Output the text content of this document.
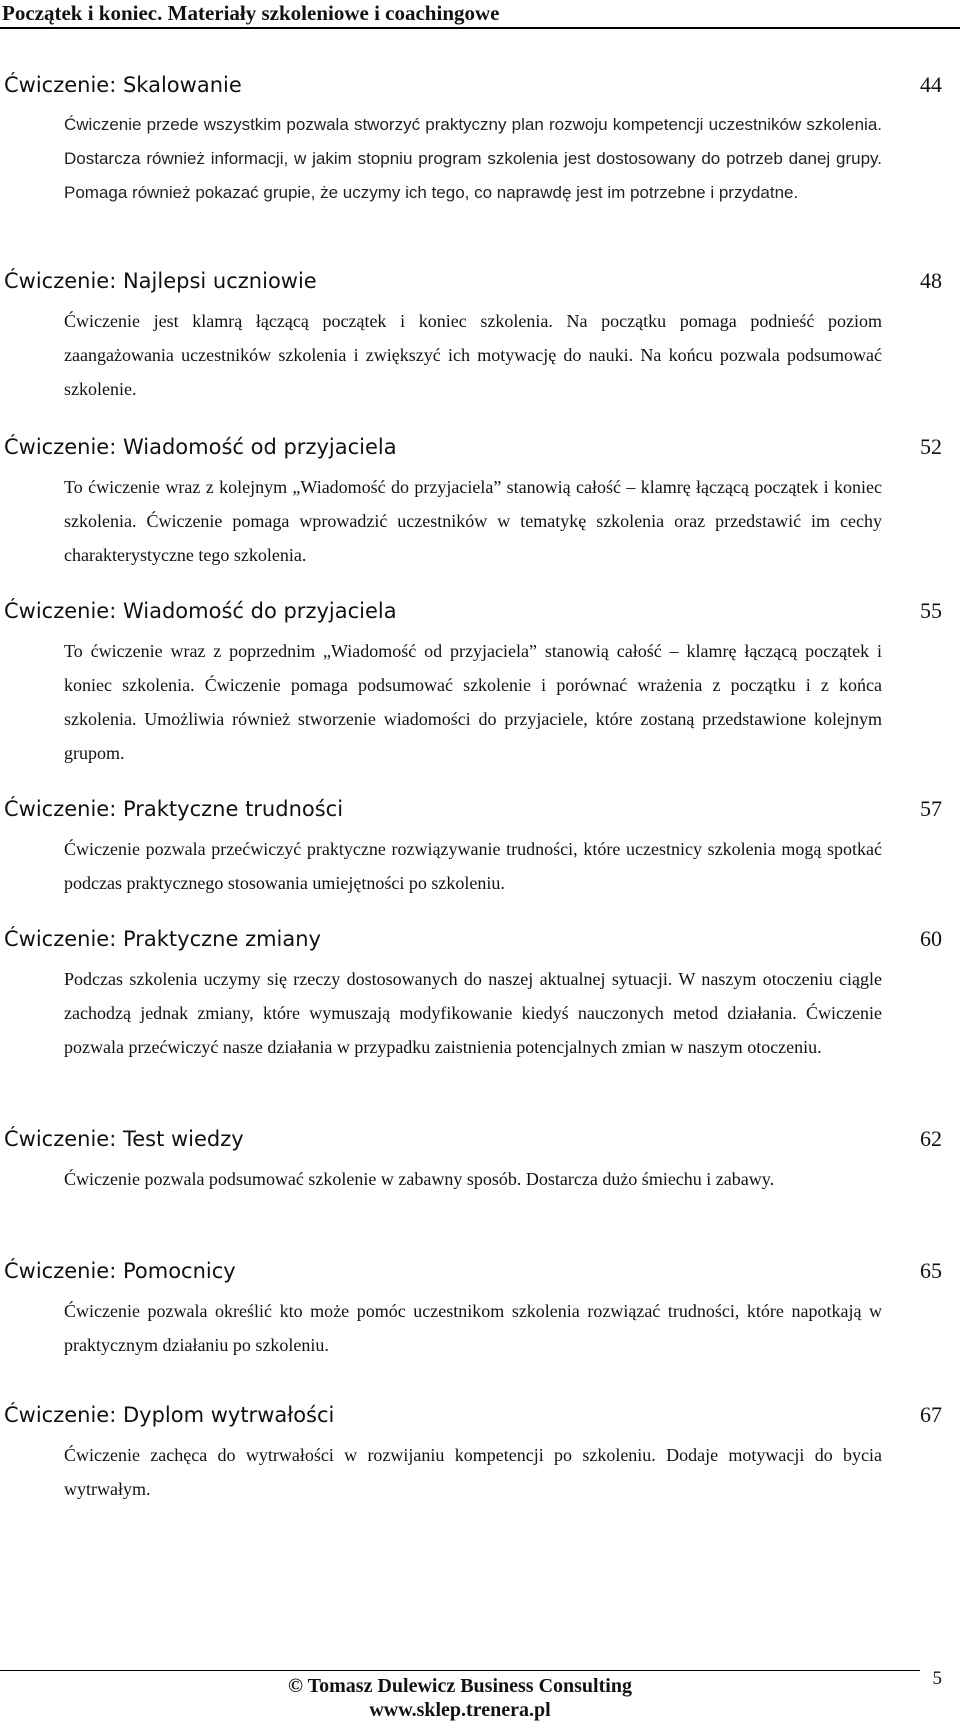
Początek i koniec. Materiały szkoleniowe i coachingowe
Ćwiczenie: Skalowanie	44
Ćwiczenie przede wszystkim pozwala stworzyć praktyczny plan rozwoju kompetencji uczestników szkolenia. Dostarcza również informacji, w jakim stopniu program szkolenia jest dostosowany do potrzeb danej grupy. Pomaga również pokazać grupie, że uczymy ich tego, co naprawdę jest im potrzebne i przydatne.
Ćwiczenie: Najlepsi uczniowie	48
Ćwiczenie jest klamrą łączącą początek i koniec szkolenia. Na początku pomaga podnieść poziom zaangażowania uczestników szkolenia i zwiększyć ich motywację do nauki. Na końcu pozwala podsumować szkolenie.
Ćwiczenie: Wiadomość od przyjaciela	52
To ćwiczenie wraz z kolejnym „Wiadomość do przyjaciela” stanowią całość – klamrę łączącą początek i koniec szkolenia. Ćwiczenie pomaga wprowadzić uczestników w tematykę szkolenia oraz przedstawić im cechy charakterystyczne tego szkolenia.
Ćwiczenie: Wiadomość do przyjaciela	55
To ćwiczenie wraz z poprzednim „Wiadomość od przyjaciela” stanowią całość – klamrę łączącą początek i koniec szkolenia. Ćwiczenie pomaga podsumować szkolenie i porównać wrażenia z początku i z końca szkolenia. Umożliwia również stworzenie wiadomości do przyjaciele, które zostaną przedstawione kolejnym grupom.
Ćwiczenie: Praktyczne trudności	57
Ćwiczenie pozwala przećwiczyć praktyczne rozwiązywanie trudności, które uczestnicy szkolenia mogą spotkać podczas praktycznego stosowania umiejętności po szkoleniu.
Ćwiczenie: Praktyczne zmiany	60
Podczas szkolenia uczymy się rzeczy dostosowanych do naszej aktualnej sytuacji. W naszym otoczeniu ciągle zachodzą jednak zmiany, które wymuszają modyfikowanie kiedyś nauczonych metod działania. Ćwiczenie pozwala przećwiczyć nasze działania w przypadku zaistnienia potencjalnych zmian w naszym otoczeniu.
Ćwiczenie: Test wiedzy	62
Ćwiczenie pozwala podsumować szkolenie w zabawny sposób. Dostarcza dużo śmiechu i zabawy.
Ćwiczenie: Pomocnicy	65
Ćwiczenie pozwala określić kto może pomóc uczestnikom szkolenia rozwiązać trudności, które napotkają w praktycznym działaniu po szkoleniu.
Ćwiczenie: Dyplom wytrwałości	67
Ćwiczenie zachęca do wytrwałości w rozwijaniu kompetencji po szkoleniu. Dodaje motywacji do bycia wytrwałym.
© Tomasz Dulewicz Business Consulting
www.sklep.trenera.pl
5
